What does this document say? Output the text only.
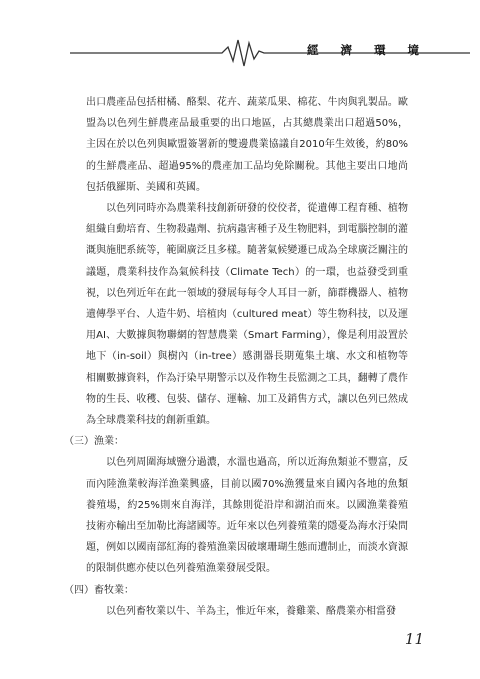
經 濟 環 境

出口農產品包括柑橘、酪梨、花卉、蔬菜瓜果、棉花、牛肉與乳製品。歐盟為以色列生鮮農產品最重要的出口地區，占其總農業出口超過50%，主因在於以色列與歐盟簽署新的雙邊農業協議自2010年生效後，約80%的生鮮農產品、超過95%的農產加工品均免除關稅。其他主要出口地尚包括俄羅斯、美國和英國。

以色列同時亦為農業科技創新研發的佼佼者，從遺傳工程育種、植物組織自動培育、生物殺蟲劑、抗病蟲害種子及生物肥料，到電腦控制的灌溉與施肥系統等，範圍廣泛且多樣。隨著氣候變遷已成為全球廣泛關注的議題，農業科技作為氣候科技（Climate Tech）的一環，也益發受到重視，以色列近年在此一領域的發展每每令人耳目一新，篩群機器人、植物遺傳學平台、人造牛奶、培植肉（cultured meat）等生物科技，以及運用AI、大數據與物聯網的智慧農業（Smart Farming），像是利用設置於地下（in-soil）與樹內（in-tree）感測器長期蒐集土壤、水文和植物等相關數據資料，作為汙染早期警示以及作物生長監測之工具，翻轉了農作物的生長、收穫、包裝、儲存、運輸、加工及銷售方式，讓以色列已然成為全球農業科技的創新重鎮。

（三）漁業：

以色列周圍海域鹽分過濃，水溫也過高，所以近海魚類並不豐富，反而內陸漁業較海洋漁業興盛，目前以國70%漁獲量來自國內各地的魚類養殖場，約25%則來自海洋，其餘則從沿岸和湖泊而來。以國漁業養殖技術亦輸出至加勒比海諸國等。近年來以色列養殖業的隱憂為海水汙染問題，例如以國南部紅海的養殖漁業因破壞珊瑚生態而遭制止，而淡水資源的限制供應亦使以色列養殖漁業發展受限。

（四）畜牧業：

以色列畜牧業以牛、羊為主，惟近年來，養雞業、酪農業亦相當發

11
